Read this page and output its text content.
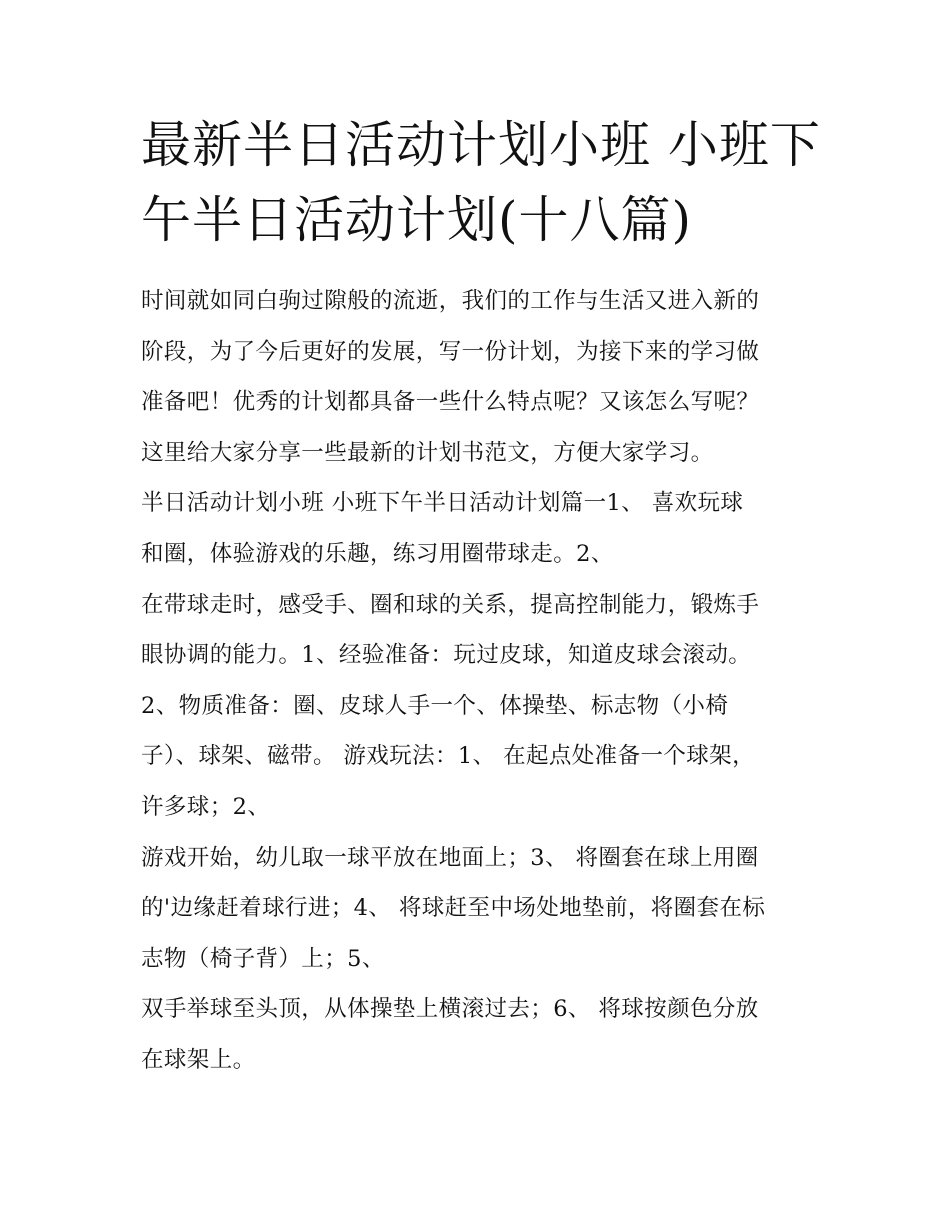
最新半日活动计划小班 小班下
午半日活动计划(十八篇)
时间就如同白驹过隙般的流逝，我们的工作与生活又进入新的
阶段，为了今后更好的发展，写一份计划，为接下来的学习做
准备吧！优秀的计划都具备一些什么特点呢？又该怎么写呢？
这里给大家分享一些最新的计划书范文，方便大家学习。
半日活动计划小班 小班下午半日活动计划篇一1、 喜欢玩球
和圈，体验游戏的乐趣，练习用圈带球走。2、
在带球走时，感受手、圈和球的关系，提高控制能力，锻炼手
眼协调的能力。1、经验准备：玩过皮球，知道皮球会滚动。
2、物质准备：圈、皮球人手一个、体操垫、标志物（小椅
子）、球架、磁带。 游戏玩法：1、 在起点处准备一个球架，
许多球；2、
游戏开始，幼儿取一球平放在地面上；3、 将圈套在球上用圈
的'边缘赶着球行进；4、 将球赶至中场处地垫前，将圈套在标
志物（椅子背）上；5、
双手举球至头顶，从体操垫上横滚过去；6、 将球按颜色分放
在球架上。
